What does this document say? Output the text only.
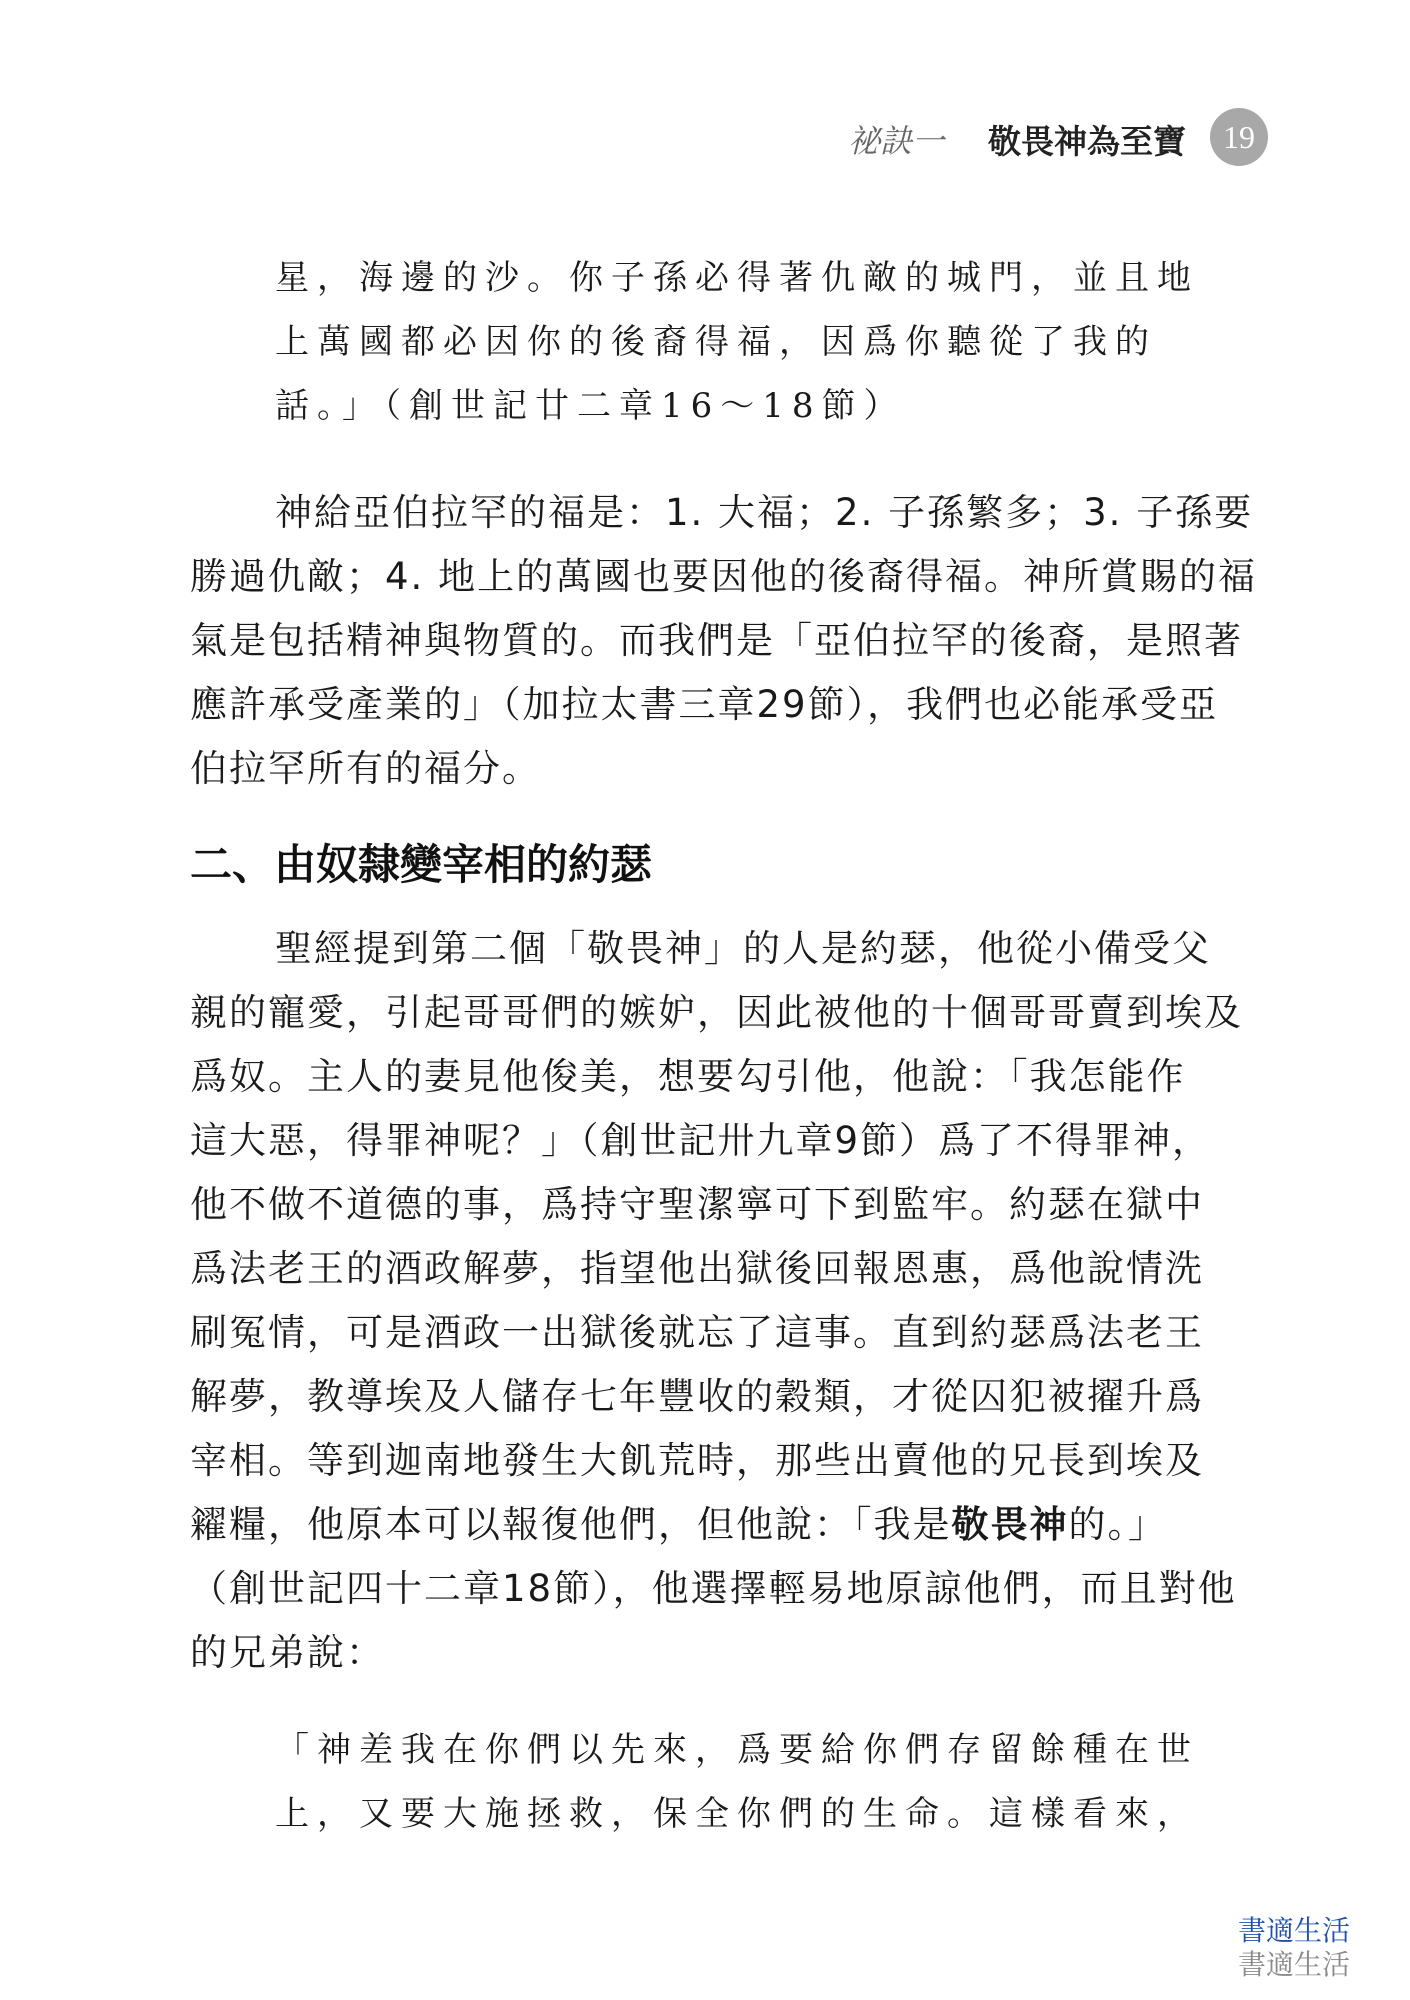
祕訣一 敬畏神為至寶	19
星，海邊的沙。你子孫必得著仇敵的城門，並且地
上萬國都必因你的後裔得福，因爲你聽從了我的
話。」（創世記廿二章16～18節）
神給亞伯拉罕的福是：1. 大福；2. 子孫繁多；3. 子孫要
勝過仇敵；4. 地上的萬國也要因他的後裔得福。神所賞賜的福
氣是包括精神與物質的。而我們是「亞伯拉罕的後裔，是照著
應許承受產業的」（加拉太書三章29節），我們也必能承受亞
伯拉罕所有的福分。
二、由奴隸變宰相的約瑟
聖經提到第二個「敬畏神」的人是約瑟，他從小備受父
親的寵愛，引起哥哥們的嫉妒，因此被他的十個哥哥賣到埃及
爲奴。主人的妻見他俊美，想要勾引他，他說：「我怎能作
這大惡，得罪神呢？」（創世記卅九章9節）爲了不得罪神，
他不做不道德的事，爲持守聖潔寧可下到監牢。約瑟在獄中
爲法老王的酒政解夢，指望他出獄後回報恩惠，爲他說情洗
刷冤情，可是酒政一出獄後就忘了這事。直到約瑟爲法老王
解夢，教導埃及人儲存七年豐收的穀類，才從囚犯被擢升爲
宰相。等到迦南地發生大飢荒時，那些出賣他的兄長到埃及
糴糧，他原本可以報復他們，但他說：「我是敬畏神的。」
（創世記四十二章18節），他選擇輕易地原諒他們，而且對他
的兄弟說：
「神差我在你們以先來，爲要給你們存留餘種在世
上，又要大施拯救，保全你們的生命。這樣看來，
書適生活
書適生活
